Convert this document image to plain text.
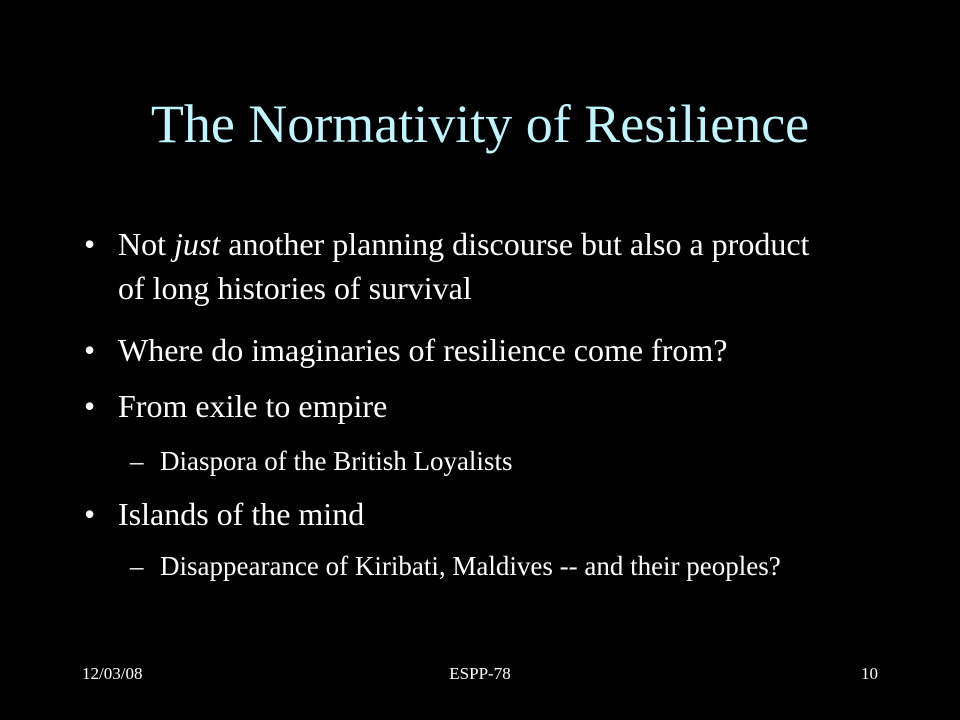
The Normativity of Resilience
• Not just another planning discourse but also a product of long histories of survival
• Where do imaginaries of resilience come from?
• From exile to empire
– Diaspora of the British Loyalists
• Islands of the mind
– Disappearance of Kiribati, Maldives -- and their peoples?
12/03/08	ESPP-78	10
